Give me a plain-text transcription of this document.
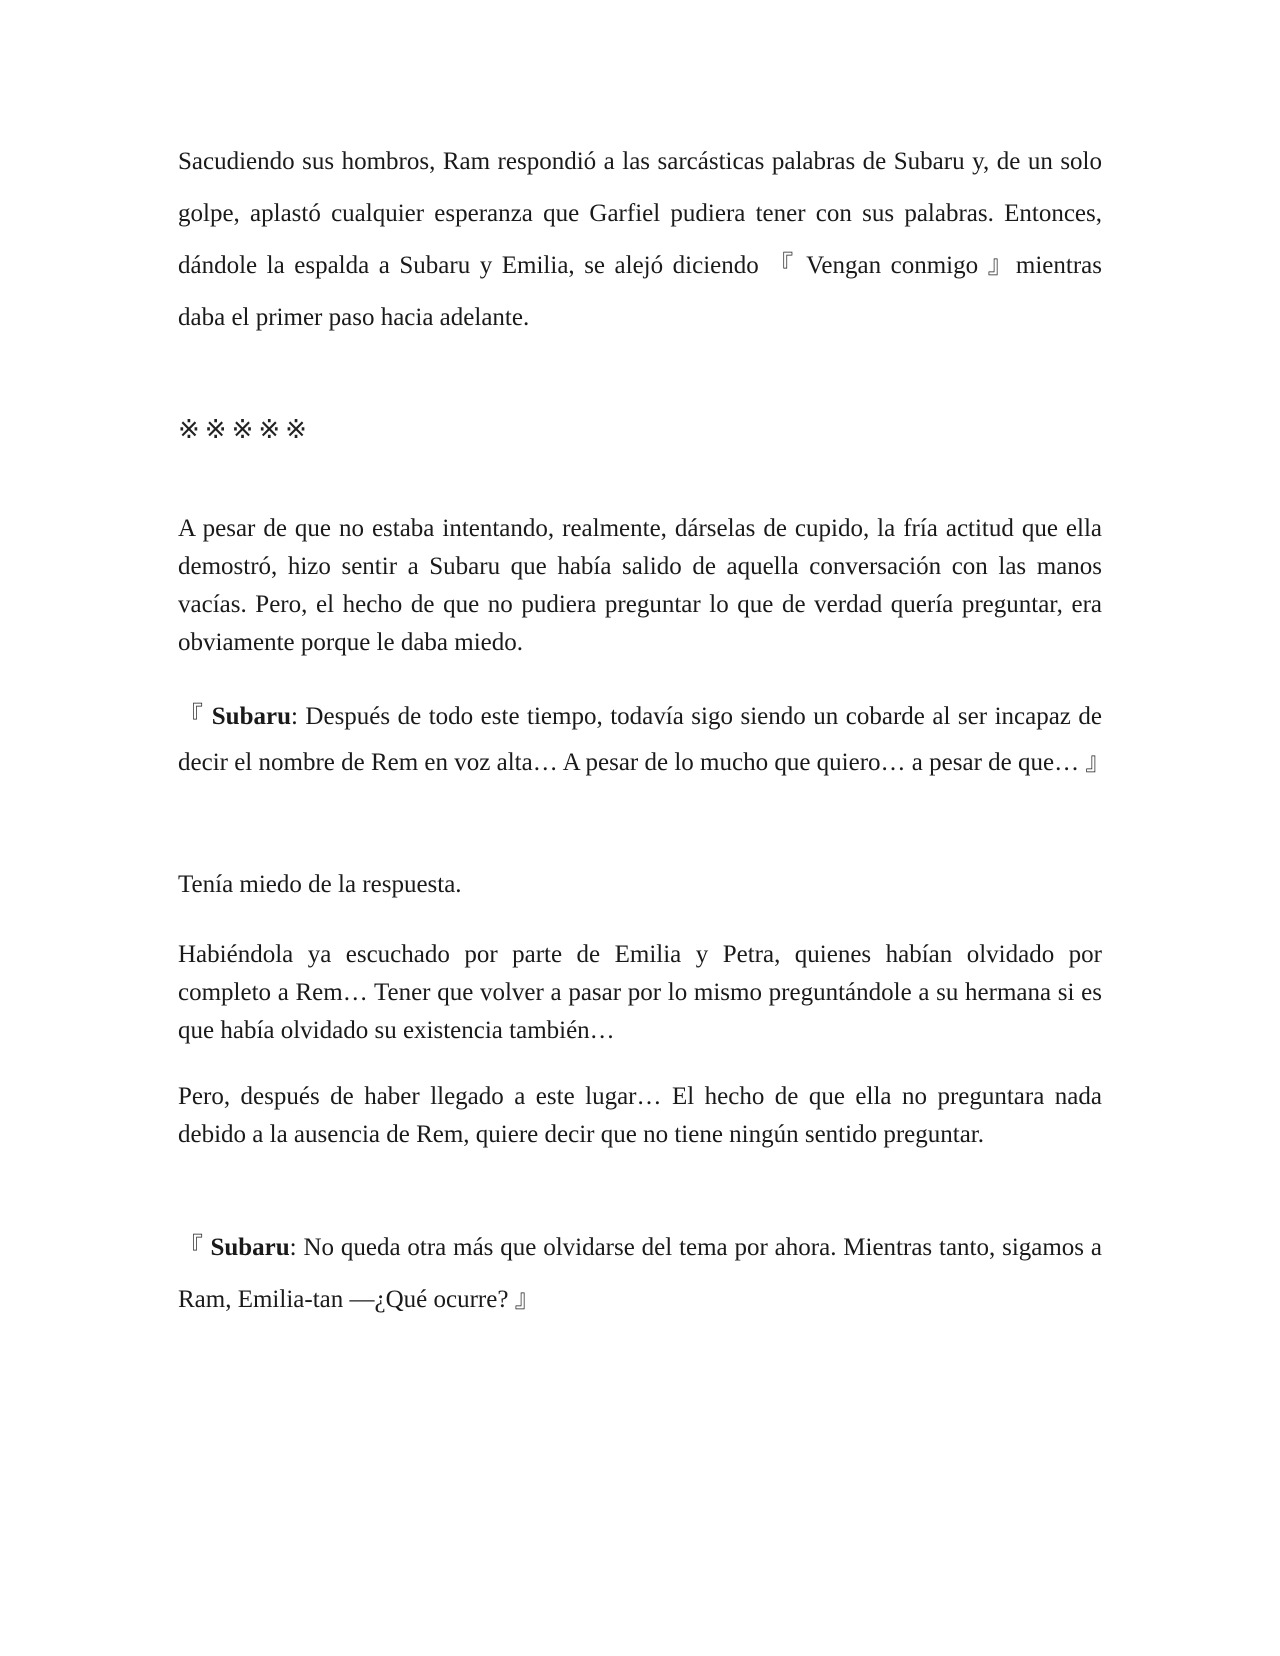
Sacudiendo sus hombros, Ram respondió a las sarcásticas palabras de Subaru y, de un solo golpe, aplastó cualquier esperanza que Garfiel pudiera tener con sus palabras. Entonces, dándole la espalda a Subaru y Emilia, se alejó diciendo 『 Vengan conmigo 』mientras daba el primer paso hacia adelante.

※※※※※

A pesar de que no estaba intentando, realmente, dárselas de cupido, la fría actitud que ella demostró, hizo sentir a Subaru que había salido de aquella conversación con las manos vacías. Pero, el hecho de que no pudiera preguntar lo que de verdad quería preguntar, era obviamente porque le daba miedo.

『 Subaru: Después de todo este tiempo, todavía sigo siendo un cobarde al ser incapaz de decir el nombre de Rem en voz alta… A pesar de lo mucho que quiero… a pesar de que… 』

Tenía miedo de la respuesta.

Habiéndola ya escuchado por parte de Emilia y Petra, quienes habían olvidado por completo a Rem… Tener que volver a pasar por lo mismo preguntándole a su hermana si es que había olvidado su existencia también…

Pero, después de haber llegado a este lugar… El hecho de que ella no preguntara nada debido a la ausencia de Rem, quiere decir que no tiene ningún sentido preguntar.

『 Subaru: No queda otra más que olvidarse del tema por ahora. Mientras tanto, sigamos a Ram, Emilia-tan —¿Qué ocurre? 』
